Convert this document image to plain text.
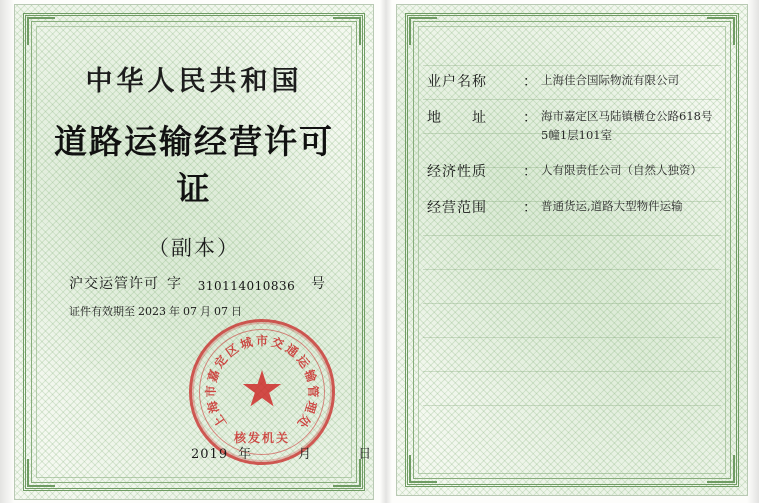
中华人民共和国
道路运输经营许可证
（副本）
沪交运管许可 字	310114010836	号
证件有效期至 2023 年 07 月 07 日
上
海
市
嘉
定
区
城 市 交
通
运
输
管
理
处
核发机关
2019 年	月	日
业户名称	： 上海佳合国际物流有限公司
地　　址	： 海市嘉定区马陆镇横仓公路618号5幢1层101室
经济性质	： 人有限责任公司（自然人独资）
经营范围	： 普通货运,道路大型物件运输
